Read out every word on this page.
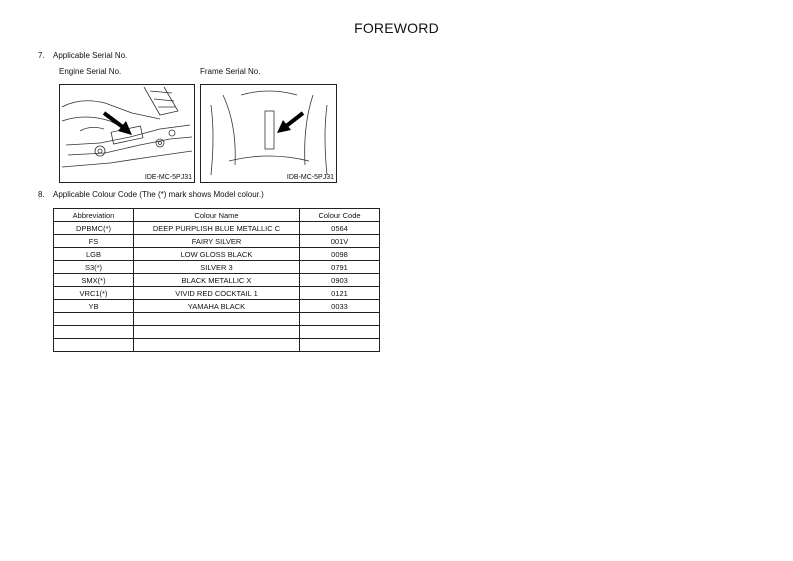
FOREWORD
7. Applicable Serial No.
Engine Serial No.	Frame Serial No.
IDE-MC-5PJ31	IDB-MC-5PJ31
8. Applicable Colour Code (The (*) mark shows Model colour.)
Abbreviation	Colour Name	Colour Code
DPBMC(*)	DEEP PURPLISH BLUE METALLIC C	0564
FS	FAIRY SILVER	001V
LGB	LOW GLOSS BLACK	0098
S3(*)	SILVER 3	0791
SMX(*)	BLACK METALLIC X	0903
VRC1(*)	VIVID RED COCKTAIL 1	0121
YB	YAMAHA BLACK	0033
